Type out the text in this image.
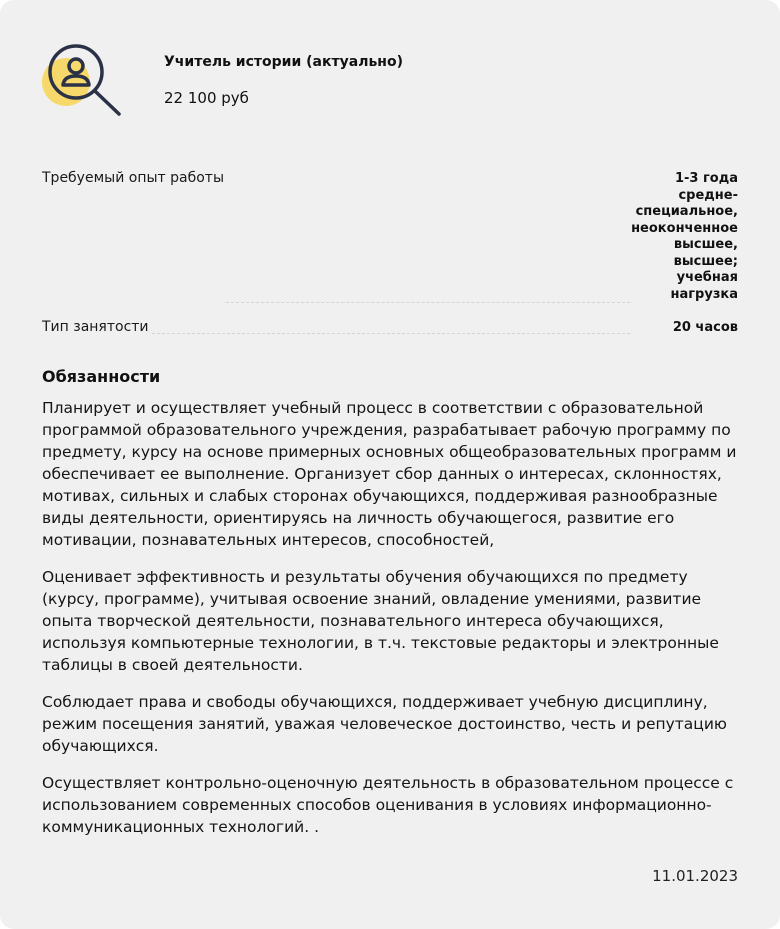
Учитель истории (актуально)
22 100 руб
Требуемый опыт работы	1-3 года
средне-
специальное,
неоконченное
высшее,
высшее;
учебная
нагрузка
Тип занятости	20 часов
Обязанности

Планирует и осуществляет учебный процесс в соответствии с образовательной программой образовательного учреждения, разрабатывает рабочую программу по предмету, курсу на основе примерных основных общеобразовательных программ и обеспечивает ее выполнение. Организует сбор данных о интересах, склонностях, мотивах, сильных и слабых сторонах обучающихся, поддерживая разнообразные виды деятельности, ориентируясь на личность обучающегося, развитие его мотивации, познавательных интересов, способностей,

Оценивает эффективность и результаты обучения обучающихся по предмету (курсу, программе), учитывая освоение знаний, овладение умениями, развитие опыта творческой деятельности, познавательного интереса обучающихся, используя компьютерные технологии, в т.ч. текстовые редакторы и электронные таблицы в своей деятельности.

Соблюдает права и свободы обучающихся, поддерживает учебную дисциплину, режим посещения занятий, уважая человеческое достоинство, честь и репутацию обучающихся.

Осуществляет контрольно-оценочную деятельность в образовательном процессе с использованием современных способов оценивания в условиях информационно-коммуникационных технологий. .

11.01.2023
